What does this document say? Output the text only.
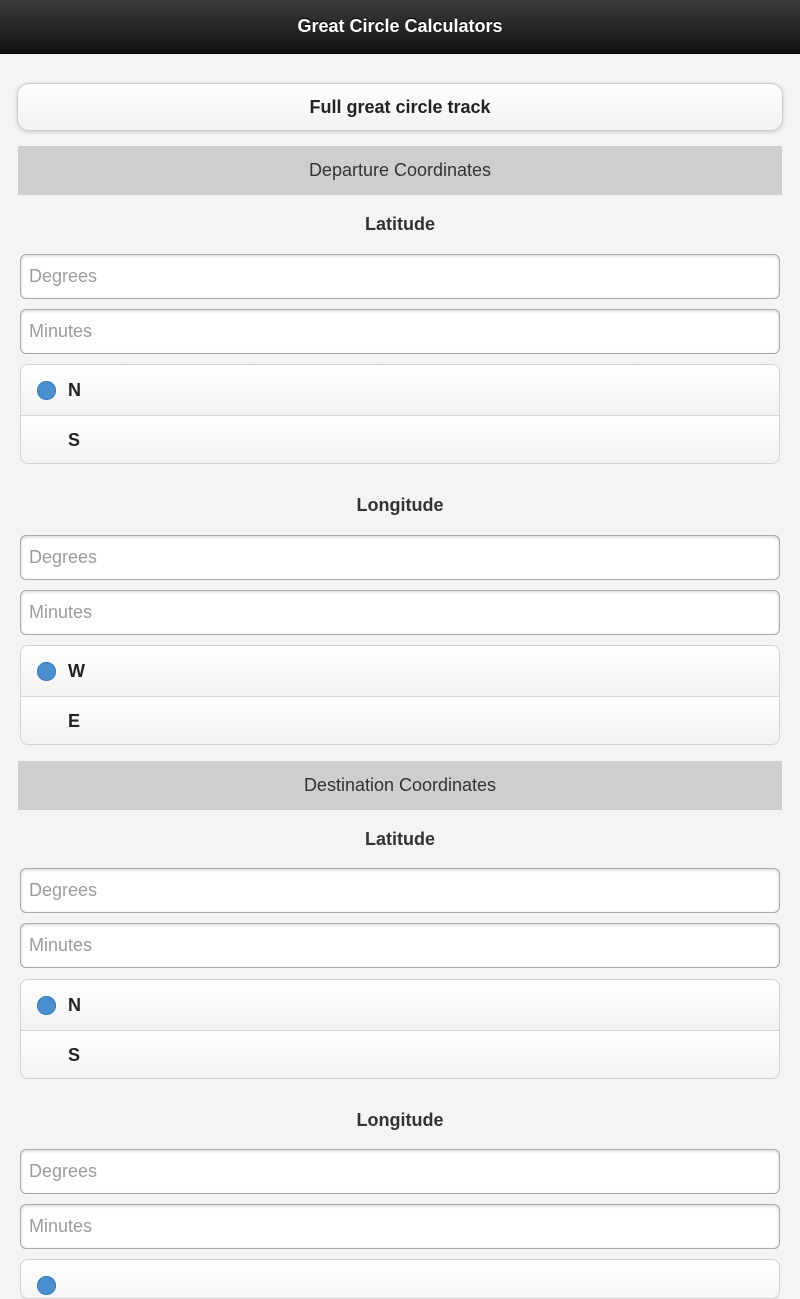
Great Circle Calculators
Full great circle track
Departure Coordinates
Latitude
Degrees
Minutes
N
S
Longitude
Degrees
Minutes
W
E
Destination Coordinates
Latitude
Degrees
Minutes
N
S
Longitude
Degrees
Minutes
